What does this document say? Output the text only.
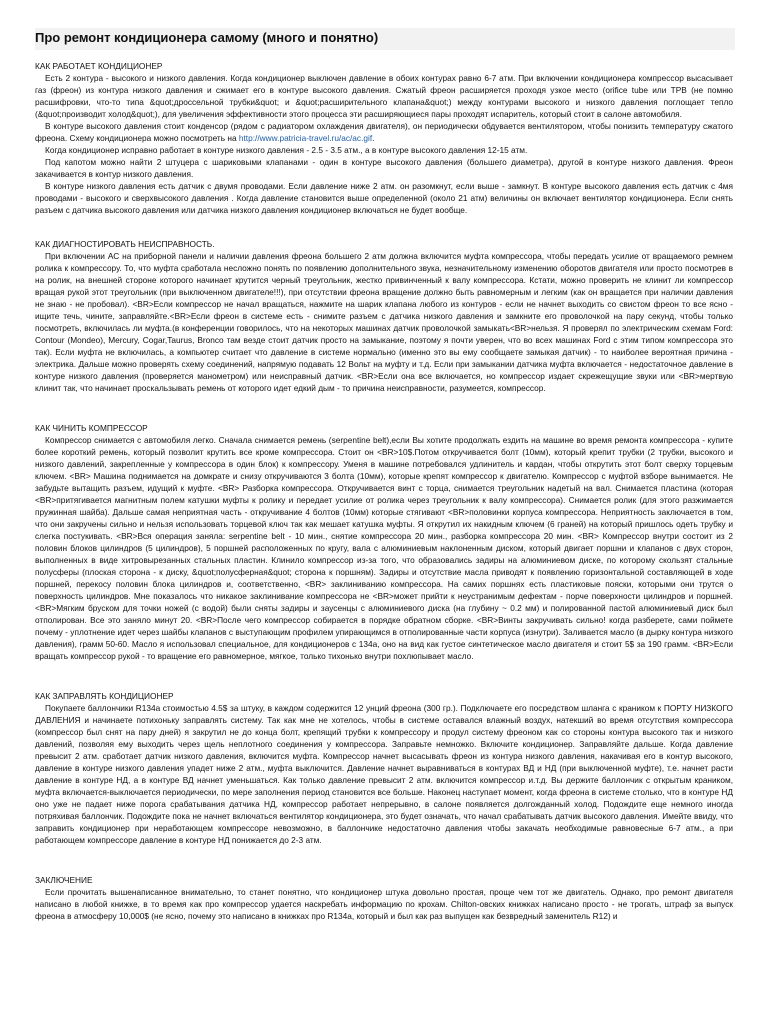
Про ремонт кондиционера самому (много и понятно)
КАК РАБОТАЕТ КОНДИЦИОНЕР

Есть 2 контура - высокого и низкого давления. Когда кондиционер выключен давление в обоих контурах равно 6-7 атм. При включении кондиционера компрессор высасывает газ (фреон) из контура низкого давления и сжимает его в контуре высокого давления. Сжатый фреон расширяется проходя узкое место (orifice tube или TPB (не помню расшифровки, что-то типа &quot;дроссельной трубки&quot; и &quot;расширительного клапана&quot;) между контурами высокого и низкого давления поглощает тепло (&quot;производит холод&quot;), для увеличения эффективности этого процесса эти расширяющиеся пары проходят испаритель, который стоит в салоне автомобиля.

В контуре высокого давления стоит конденсор (рядом с радиатором охлаждения двигателя), он периодически обдувается вентилятором, чтобы понизить температуру сжатого фреона. Схему кондиционера можно посмотреть на http://www.patricia-travel.ru/ac/ac.gif.

Когда кондиционер исправно работает в контуре низкого давления - 2.5 - 3.5 атм., а в контуре высокого давления 12-15 атм.

Под капотом можно найти 2 штуцера с шариковыми клапанами - один в контуре высокого давления (большего диаметра), другой в контуре низкого давления. Фреон закачивается в контур низкого давления.

В контуре низкого давления есть датчик с двумя проводами. Если давление ниже 2 атм. он разомкнут, если выше - замкнут. В контуре высокого давления есть датчик с 4мя проводами - высокого и сверхвысокого давления . Когда давление становится выше определенной (около 21 атм) величины он включает вентилятор кондиционера. Если снять разъем с датчика высокого давления или датчика низкого давления кондиционер включаться не будет вообще.

КАК ДИАГНОСТИРОВАТЬ НЕИСПРАВНОСТЬ.

При включении АС на приборной панели и наличии давления фреона большего 2 атм должна включится муфта компрессора, чтобы передать усилие от вращаемого ремнем ролика к компрессору. То, что муфта сработала несложно понять по появлению дополнительного звука, незначительному изменению оборотов двигателя или просто посмотрев в на ролик, на внешней стороне которого начинает крутится черный треугольник, жестко привинченный к валу компрессора. Кстати, можно проверить не клинит ли компрессор вращая рукой этот треугольник (при выключенном двигателе!!!), при отсутствии фреона вращение должно быть равномерным и легким (как он вращается при наличии давления не знаю - не пробовал). <BR>Если компрессор не начал вращаться, нажмите на шарик клапана любого из контуров - если не начнет выходить со свистом фреон то все ясно - ищите течь, чините, заправляйте.<BR>Если фреон в системе есть - снимите разъем с датчика низкого давления и замкните его проволочкой на пару секунд, чтобы только посмотреть, включилась ли муфта.(в конференции говорилось, что на некоторых машинах датчик проволочкой замыкать<BR>нельзя. Я проверял по электрическим схемам Ford: Contour (Mondeo), Mercury, Cogar,Taurus, Bronco там везде стоит датчик просто на замыкание, поэтому я почти уверен, что во всех машинах Ford с этим типом компрессора это так). Если муфта не включилась, а компьютер считает что давление в системе нормально (именно это вы ему сообщаете замыкая датчик) - то наиболее вероятная причина - электрика. Дальше можно проверять схему соединений, напрямую подавать 12 Вольт на муфту и т.д. Если при замыкании датчика муфта включается - недостаточное давление в контуре низкого давления (проверяется манометром) или неисправный датчик. <BR>Если она все включается, но компрессор издает скрежещущие звуки или <BR>мертвую клинит так, что начинает проскальзывать ремень от которого идет едкий дым - то причина неисправности, разумеется, компрессор.

КАК ЧИНИТЬ КОМПРЕССОР

Компрессор снимается с автомобиля легко. Сначала снимается ремень (serpentine belt),если Вы хотите продолжать ездить на машине во время ремонта компрессора - купите более короткий ремень, который позволит крутить все кроме компрессора. Стоит он <BR>10$.Потом откручивается болт (10мм), который крепит трубки (2 трубки, высокого и низкого давлений, закрепленные у компрессора в один блок) к компрессору. Уменя в машине потребовался удлинитель и кардан, чтобы открутить этот болт сверху торцевым ключем. <BR> Машина поднимается на домкрате и снизу откручиваются 3 болта (10мм), которые крепят компрессор к двигателю. Компрессор с муфтой взборе вынимается. Не забудьте вытащить разъем, идущий к муфте. <BR> Разборка компрессора. Откручивается винт с торца, снимается треугольник надетый на вал. Снимается пластина (которая <BR>притягивается магнитным полем катушки муфты к ролику и передает усилие от ролика через треугольник к валу компрессора). Снимается ролик (для этого разжимается пружинная шайба). Дальше самая неприятная часть - откручивание 4 болтов (10мм) которые стягивают <BR>половинки корпуса компрессора. Неприятность заключается в том, что они закручены сильно и нельзя использовать торцевой ключ так как мешает катушка муфты. Я открутил их накидным ключем (6 граней) на который пришлось одеть трубку и слегка постукивать. <BR>Вся операция заняла: serpentine belt - 10 мин., снятие компрессора 20 мин., разборка компрессора 20 мин. <BR> Компрессор внутри состоит из 2 половин блоков цилиндров (5 цилиндров), 5 поршней расположенных по кругу, вала с алюминиевым наклоненным диском, который двигает поршни и клапанов с двух сторон, выполненных в виде хитровырезанных стальных пластин. Клинило компрессор из-за того, что образовались задиры на алюминиевом диске, по которому скользят стальные полусферы (плоская сторона - к диску, &quot;полусферная&quot; сторона к поршням). Задиры и отсутствие масла приводят к появлению горизонтальной составляющей в ходе поршней, перекосу половин блока цилиндров и, соответственно, <BR> заклиниванию компрессора. На самих поршнях есть пластиковые пояски, которыми они трутся о поверхность цилиндров. Мне показалось что никакое заклинивание компрессора не <BR>может прийти к неустранимым дефектам - порче поверхности цилиндров и поршней. <BR>Мягким бруском для точки ножей (с водой) были сняты задиры и заусенцы с алюминиевого диска (на глубину ~ 0.2 мм) и полированной пастой алюминиевый диск был отполирован. Все это заняло минут 20. <BR>После чего компрессор собирается в порядке обратном сборке. <BR>Винты закручивать сильно! когда разберете, сами поймете почему - уплотнение идет через шайбы клапанов с выступающим профилем упирающимся в отполированные части корпуса (изнутри). Заливается масло (в дырку контура низкого давления), грамм 50-60. Масло я использовал специальное, для кондиционеров с 134а, оно на вид как густое синтетическое масло двигателя и стоит 5$ за 190 грамм. <BR>Если вращать компрессор рукой - то вращение его равномерное, мягкое, только тихонько внутри похлюпывает масло.

КАК ЗАПРАВЛЯТЬ КОНДИЦИОНЕР

Покупаете баллончики R134a стоимостью 4.5$ за штуку, в каждом содержится 12 унций фреона (300 гр.). Подключаете его посредством шланга с краником к ПОРТУ НИЗКОГО ДАВЛЕНИЯ и начинаете потихоньку заправлять систему. Так как мне не хотелось, чтобы в системе оставался влажный воздух, натекший во время отсутствия компрессора (компрессор был снят на пару дней) я закрутил не до конца болт, крепящий трубки к компрессору и продул систему фреоном как со стороны контура высокого так и низкого давлений, позволяя ему выходить через щель неплотного соединения у компрессора. Заправьте немножко. Включите кондиционер. Заправляйте дальше. Когда давление превысит 2 атм. сработает датчик низкого давления, включится муфта. Компрессор начнет высасывать фреон из контура низкого давления, накачивая его в контур высокого, давление в контуре низкого давления упадет ниже 2 атм., муфта выключится. Давление начнет выравниваться в контурах ВД и НД (при выключенной муфте), т.е. начнет расти давление в контуре НД, а в контуре ВД начнет уменьшаться. Как только давление превысит 2 атм. включится компрессор и.т.д. Вы держите баллончик с открытым краником, муфта включается-выключается периодически, по мере заполнения период становится все больше. Наконец наступает момент, когда фреона в системе столько, что в контуре НД оно уже не падает ниже порога срабатывания датчика НД, компрессор работает непрерывно, в салоне появляется долгожданный холод. Подождите еще немного иногда потряхивая баллончик. Подождите пока не начнет включаться вентилятор кондиционера, это будет означать, что начал срабатывать датчик высокого давления. Имейте ввиду, что заправить кондиционер при неработающем компрессоре невозможно, в баллончике недостаточно давления чтобы закачать необходимые равновесные 6-7 атм., а при работающем компрессоре давление в контуре НД понижается до 2-3 атм.

ЗАКЛЮЧЕНИЕ

Если прочитать вышенаписанное внимательно, то станет понятно, что кондиционер штука довольно простая, проще чем тот же двигатель. Однако, про ремонт двигателя написано в любой книжке, в то время как про компрессор удается наскребать информацию по крохам. Chilton-овских книжках написано просто - не трогать, штраф за выпуск фреона в атмосферу 10,000$ (не ясно, почему это написано в книжках про R134a, который и был как раз выпущен как безвредный заменитель R12) и
